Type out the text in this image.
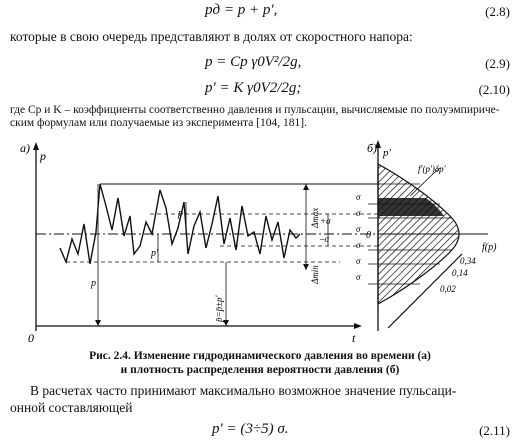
pд = p + p′,	(2.8)
которые в свою очередь представляют в долях от скоростного напора:
p = Cp γ0V²/2g,	(2.9)
p′ = K γ0V2/2g;	(2.10)
где Cp и K – коэффициенты соответственно давления и пульсации, вычисляемые по полуэмпириче-
ским формулам или получаемые из эксперимента [104, 181].
a)
p
0	t
p
p′
p′
p̄=p̄±p′
Δmax
Δmin
+σ
–σ
б) p′
f(p)
0
σ
σ
σ
σ
σ
σ
f′(p′)δp′
0,34
0,14
0,02
Рис. 2.4. Изменение гидродинамического давления во времени (а)
и плотность распределения вероятности давления (б)
В расчетах часто принимают максимально возможное значение пульсаци-
онной составляющей
p′ = (3÷5) σ.	(2.11)
